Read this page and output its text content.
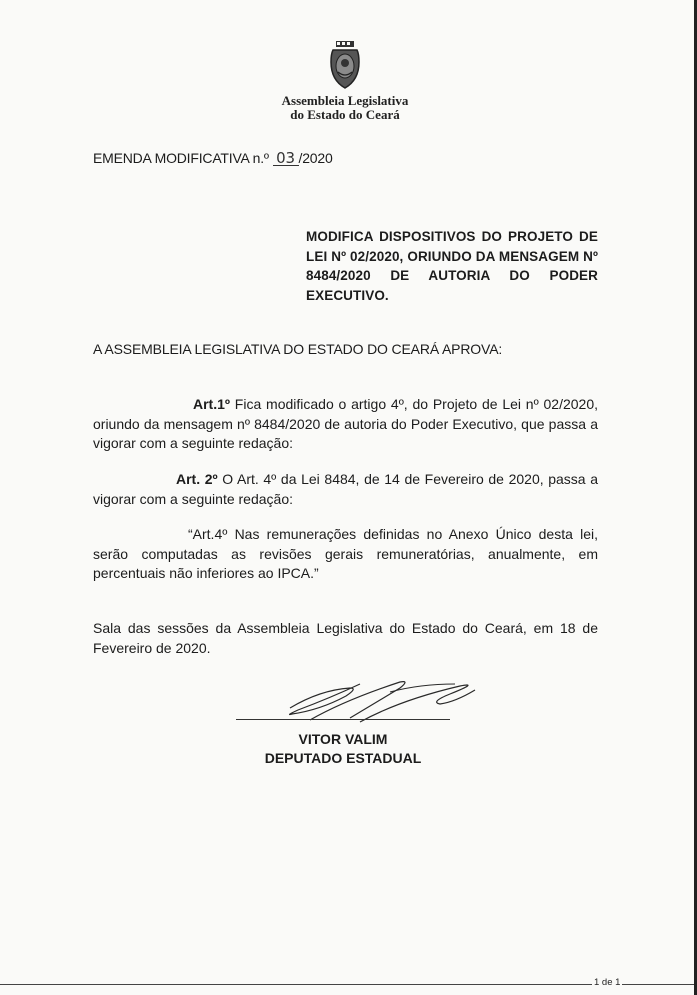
Assembleia Legislativa
do Estado do Ceará
EMENDA MODIFICATIVA n.º 03 /2020
MODIFICA DISPOSITIVOS DO PROJETO DE LEI Nº 02/2020, ORIUNDO DA MENSAGEM Nº 8484/2020 DE AUTORIA DO PODER EXECUTIVO.
A ASSEMBLEIA LEGISLATIVA DO ESTADO DO CEARÁ APROVA:
Art.1º Fica modificado o artigo 4º, do Projeto de Lei nº 02/2020, oriundo da mensagem nº 8484/2020 de autoria do Poder Executivo, que passa a vigorar com a seguinte redação:
Art. 2º O Art. 4º da Lei 8484, de 14 de Fevereiro de 2020, passa a vigorar com a seguinte redação:
“Art.4º Nas remunerações definidas no Anexo Único desta lei, serão computadas as revisões gerais remuneratórias, anualmente, em percentuais não inferiores ao IPCA.”
Sala das sessões da Assembleia Legislativa do Estado do Ceará, em 18 de Fevereiro de 2020.
VITOR VALIM
DEPUTADO ESTADUAL
1 de 1
